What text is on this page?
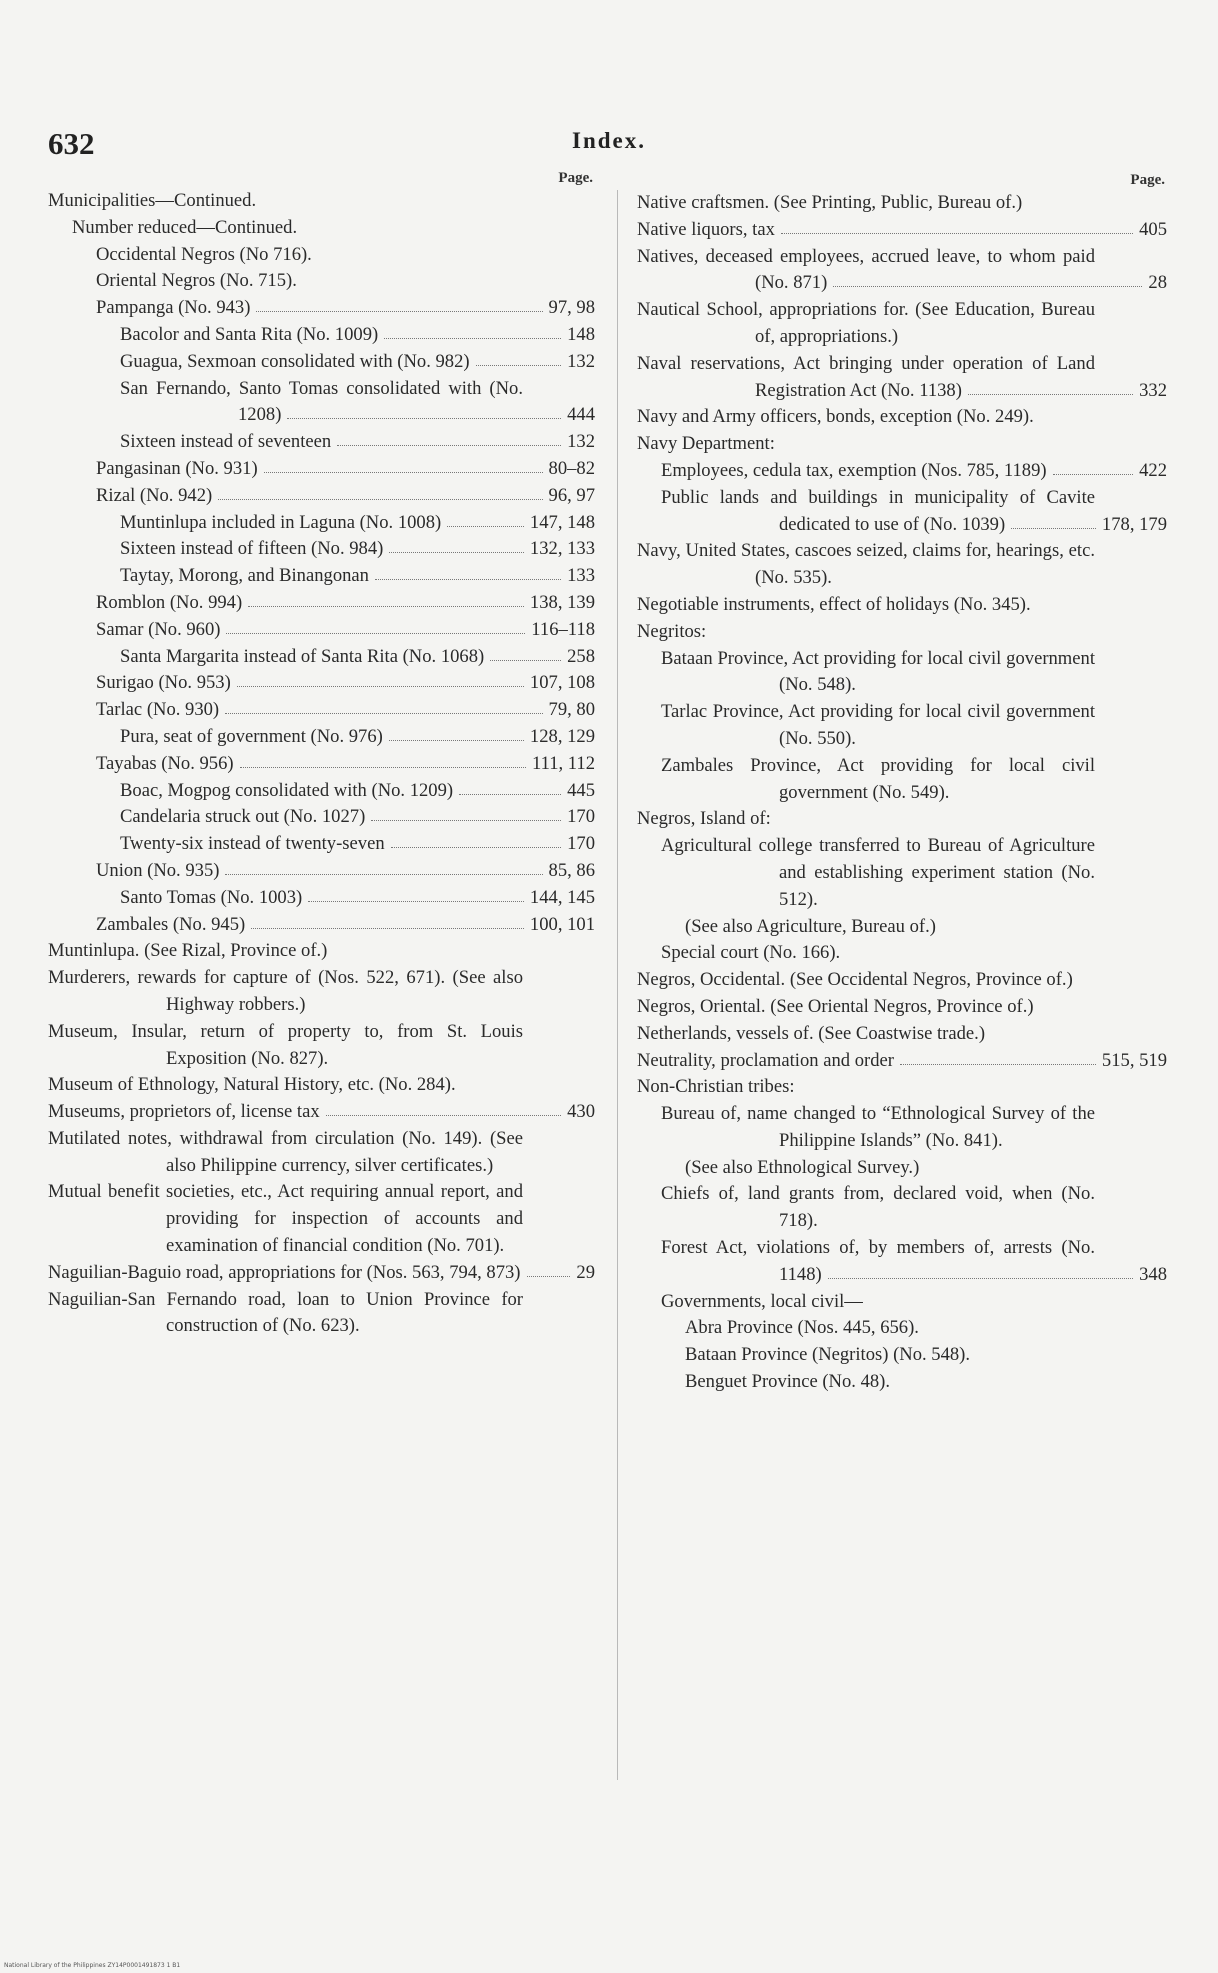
632	Index.
Page.
Municipalities—Continued.
Number reduced—Continued.
Occidental Negros (No 716).
Oriental Negros (No. 715).
Pampanga (No. 943)	97, 98
Bacolor and Santa Rita (No. 1009)	148
Guagua, Sexmoan consolidated with (No. 982)	132
San Fernando, Santo Tomas consolidated with (No. 1208)	444
Sixteen instead of seventeen	132
Pangasinan (No. 931)	80–82
Rizal (No. 942)	96, 97
Muntinlupa included in Laguna (No. 1008)	147, 148
Sixteen instead of fifteen (No. 984)	132, 133
Taytay, Morong, and Binangonan	133
Romblon (No. 994)	138, 139
Samar (No. 960)	116–118
Santa Margarita instead of Santa Rita (No. 1068)	258
Surigao (No. 953)	107, 108
Tarlac (No. 930)	79, 80
Pura, seat of government (No. 976)	128, 129
Tayabas (No. 956)	111, 112
Boac, Mogpog consolidated with (No. 1209)	445
Candelaria struck out (No. 1027)	170
Twenty-six instead of twenty-seven	170
Union (No. 935)	85, 86
Santo Tomas (No. 1003)	144, 145
Zambales (No. 945)	100, 101
Muntinlupa. (See Rizal, Province of.)
Murderers, rewards for capture of (Nos. 522, 671). (See also Highway robbers.)
Museum, Insular, return of property to, from St. Louis Exposition (No. 827).
Museum of Ethnology, Natural History, etc. (No. 284).
Museums, proprietors of, license tax	430
Mutilated notes, withdrawal from circulation (No. 149). (See also Philippine currency, silver certificates.)
Mutual benefit societies, etc., Act requiring annual report, and providing for inspection of accounts and examination of financial condition (No. 701).
Naguilian-Baguio road, appropriations for (Nos. 563, 794, 873)	29
Naguilian-San Fernando road, loan to Union Province for construction of (No. 623).
Page.
Native craftsmen. (See Printing, Public, Bureau of.)
Native liquors, tax	405
Natives, deceased employees, accrued leave, to whom paid (No. 871)	28
Nautical School, appropriations for. (See Education, Bureau of, appropriations.)
Naval reservations, Act bringing under operation of Land Registration Act (No. 1138)	332
Navy and Army officers, bonds, exception (No. 249).
Navy Department:
Employees, cedula tax, exemption (Nos. 785, 1189)	422
Public lands and buildings in municipality of Cavite dedicated to use of (No. 1039)	178, 179
Navy, United States, cascoes seized, claims for, hearings, etc. (No. 535).
Negotiable instruments, effect of holidays (No. 345).
Negritos:
Bataan Province, Act providing for local civil government (No. 548).
Tarlac Province, Act providing for local civil government (No. 550).
Zambales Province, Act providing for local civil government (No. 549).
Negros, Island of:
Agricultural college transferred to Bureau of Agriculture and establishing experiment station (No. 512).
(See also Agriculture, Bureau of.)
Special court (No. 166).
Negros, Occidental. (See Occidental Negros, Province of.)
Negros, Oriental. (See Oriental Negros, Province of.)
Netherlands, vessels of. (See Coastwise trade.)
Neutrality, proclamation and order	515, 519
Non-Christian tribes:
Bureau of, name changed to “Ethnological Survey of the Philippine Islands” (No. 841).
(See also Ethnological Survey.)
Chiefs of, land grants from, declared void, when (No. 718).
Forest Act, violations of, by members of, arrests (No. 1148)	348
Governments, local civil—
Abra Province (Nos. 445, 656).
Bataan Province (Negritos) (No. 548).
Benguet Province (No. 48).
National Library of the Philippines ZY14P0001491873 1 B1
